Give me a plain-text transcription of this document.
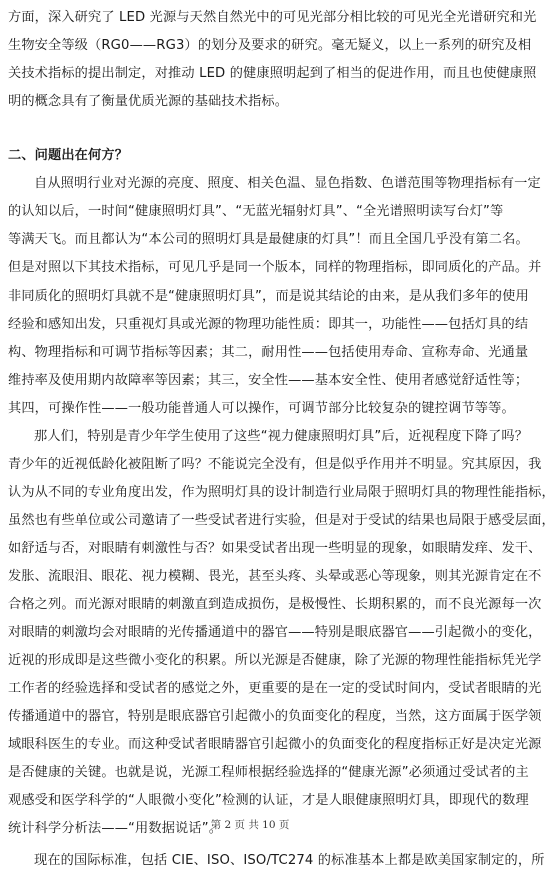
方面，深入研究了 LED 光源与天然自然光中的可见光部分相比较的可见光全光谱研究和光
生物安全等级（RG0——RG3）的划分及要求的研究。毫无疑义，以上一系列的研究及相
关技术指标的提出制定，对推动 LED 的健康照明起到了相当的促进作用，而且也使健康照
明的概念具有了衡量优质光源的基础技术指标。
二、问题出在何方？
自从照明行业对光源的亮度、照度、相关色温、显色指数、色谱范围等物理指标有一定
的认知以后，一时间“健康照明灯具”、“无蓝光辐射灯具”、“全光谱照明读写台灯”等
等满天飞。而且都认为“本公司的照明灯具是最健康的灯具”！而且全国几乎没有第二名。
但是对照以下其技术指标，可见几乎是同一个版本，同样的物理指标，即同质化的产品。并
非同质化的照明灯具就不是“健康照明灯具”，而是说其结论的由来，是从我们多年的使用
经验和感知出发，只重视灯具或光源的物理功能性质：即其一，功能性——包括灯具的结
构、物理指标和可调节指标等因素；其二，耐用性——包括使用寿命、宣称寿命、光通量
维持率及使用期内故障率等因素；其三，安全性——基本安全性、使用者感觉舒适性等；
其四，可操作性——一般功能普通人可以操作，可调节部分比较复杂的键控调节等等。
那人们，特别是青少年学生使用了这些“视力健康照明灯具”后，近视程度下降了吗？
青少年的近视低龄化被阻断了吗？不能说完全没有，但是似乎作用并不明显。究其原因，我
认为从不同的专业角度出发，作为照明灯具的设计制造行业局限于照明灯具的物理性能指标，
虽然也有些单位或公司邀请了一些受试者进行实验，但是对于受试的结果也局限于感受层面，
如舒适与否，对眼睛有刺激性与否？如果受试者出现一些明显的现象，如眼睛发痒、发干、
发胀、流眼泪、眼花、视力模糊、畏光，甚至头疼、头晕或恶心等现象，则其光源肯定在不
合格之列。而光源对眼睛的刺激直到造成损伤，是极慢性、长期积累的，而不良光源每一次
对眼睛的刺激均会对眼睛的光传播通道中的器官——特别是眼底器官——引起微小的变化，
近视的形成即是这些微小变化的积累。所以光源是否健康，除了光源的物理性能指标凭光学
工作者的经验选择和受试者的感觉之外，更重要的是在一定的受试时间内，受试者眼睛的光
传播通道中的器官，特别是眼底器官引起微小的负面变化的程度，当然，这方面属于医学领
域眼科医生的专业。而这种受试者眼睛器官引起微小的负面变化的程度指标正好是决定光源
是否健康的关键。也就是说，光源工程师根据经验选择的“健康光源”必须通过受试者的主
观感受和医学科学的“人眼微小变化”检测的认证，才是人眼健康照明灯具，即现代的数理
统计科学分析法——“用数据说话”。
现在的国际标准，包括 CIE、ISO、ISO/TC274 的标准基本上都是欧美国家制定的，所
第 2 页 共 10 页
